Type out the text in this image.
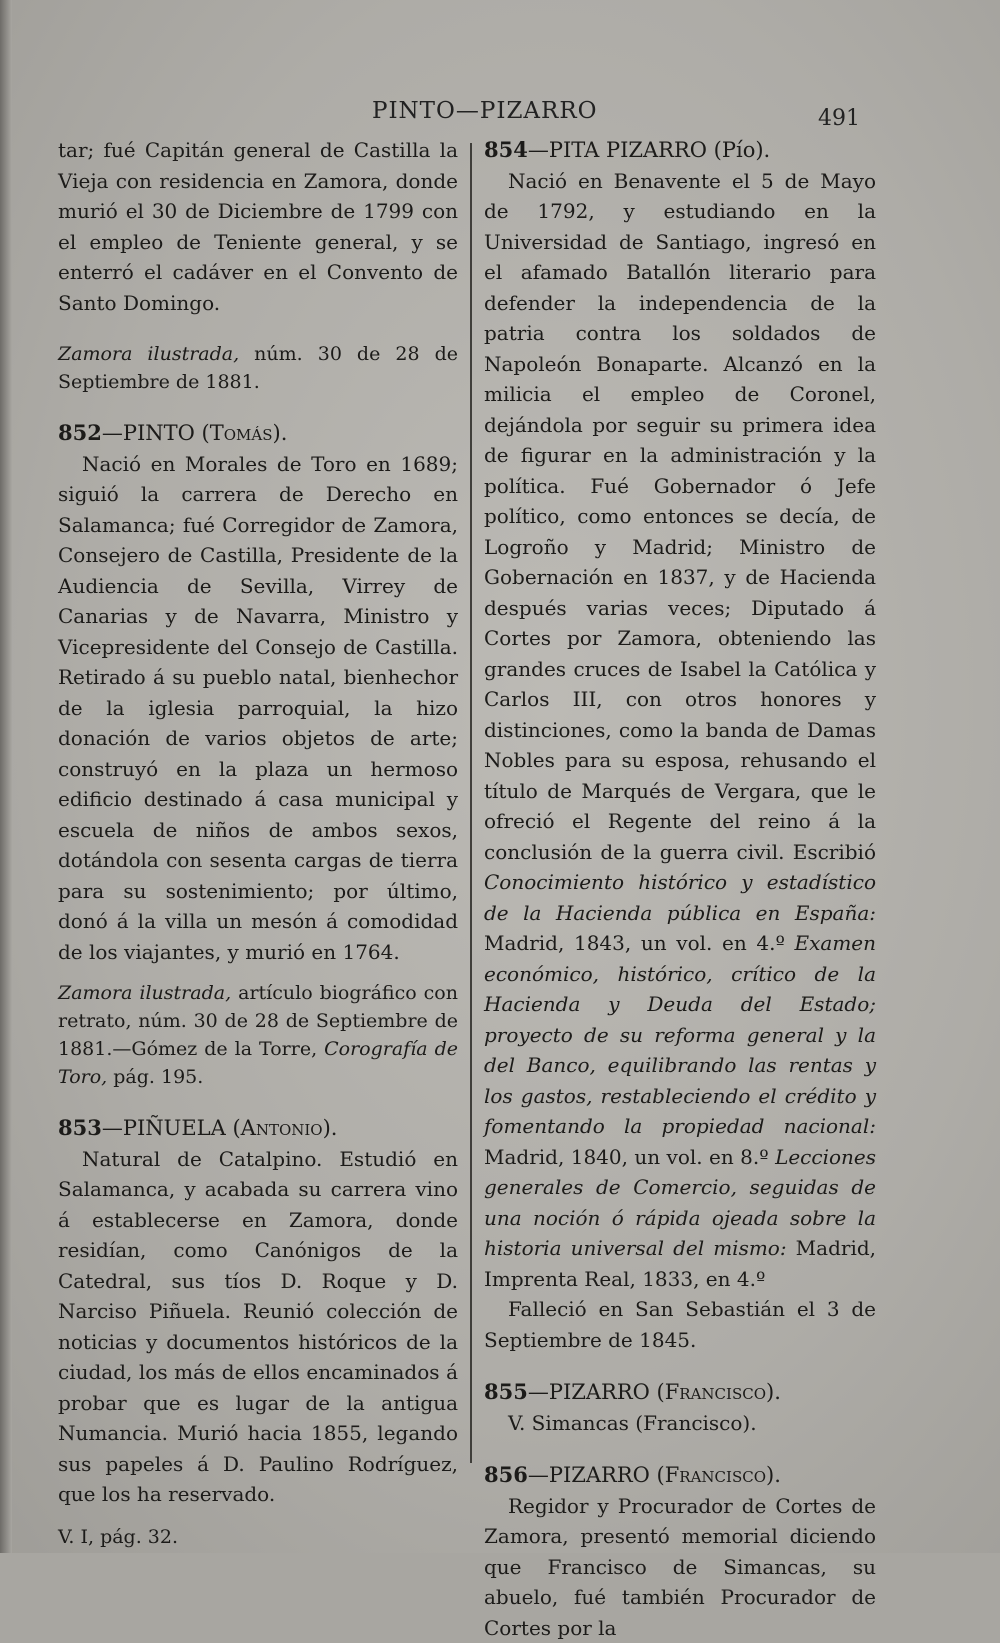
PINTO—PIZARRO	491

tar; fué Capitán general de Castilla la Vieja con residencia en Zamora, donde murió el 30 de Diciembre de 1799 con el empleo de Teniente general, y se enterró el cadáver en el Convento de Santo Domingo.

Zamora ilustrada, núm. 30 de 28 de Septiembre de 1881.

852—PINTO (Tomás).

Nació en Morales de Toro en 1689; siguió la carrera de Derecho en Salamanca; fué Corregidor de Zamora, Consejero de Castilla, Presidente de la Audiencia de Sevilla, Virrey de Canarias y de Navarra, Ministro y Vicepresidente del Consejo de Castilla. Retirado á su pueblo natal, bienhechor de la iglesia parroquial, la hizo donación de varios objetos de arte; construyó en la plaza un hermoso edificio destinado á casa municipal y escuela de niños de ambos sexos, dotándola con sesenta cargas de tierra para su sostenimiento; por último, donó á la villa un mesón á comodidad de los viajantes, y murió en 1764.

Zamora ilustrada, artículo biográfico con retrato, núm. 30 de 28 de Septiembre de 1881.—Gómez de la Torre, Corografía de Toro, pág. 195.

853—PIÑUELA (Antonio).

Natural de Catalpino. Estudió en Salamanca, y acabada su carrera vino á establecerse en Zamora, donde residían, como Canónigos de la Catedral, sus tíos D. Roque y D. Narciso Piñuela. Reunió colección de noticias y documentos históricos de la ciudad, los más de ellos encaminados á probar que es lugar de la antigua Numancia. Murió hacia 1855, legando sus papeles á D. Paulino Rodríguez, que los ha reservado.

V. I, pág. 32.

854—PITA PIZARRO (Pío).

Nació en Benavente el 5 de Mayo de 1792, y estudiando en la Universidad de Santiago, ingresó en el afamado Batallón literario para defender la independencia de la patria contra los soldados de Napoleón Bonaparte. Alcanzó en la milicia el empleo de Coronel, dejándola por seguir su primera idea de figurar en la administración y la política. Fué Gobernador ó Jefe político, como entonces se decía, de Logroño y Madrid; Ministro de Gobernación en 1837, y de Hacienda después varias veces; Diputado á Cortes por Zamora, obteniendo las grandes cruces de Isabel la Católica y Carlos III, con otros honores y distinciones, como la banda de Damas Nobles para su esposa, rehusando el título de Marqués de Vergara, que le ofreció el Regente del reino á la conclusión de la guerra civil. Escribió Conocimiento histórico y estadístico de la Hacienda pública en España: Madrid, 1843, un vol. en 4.º Examen económico, histórico, crítico de la Hacienda y Deuda del Estado; proyecto de su reforma general y la del Banco, equilibrando las rentas y los gastos, restableciendo el crédito y fomentando la propiedad nacional: Madrid, 1840, un vol. en 8.º Lecciones generales de Comercio, seguidas de una noción ó rápida ojeada sobre la historia universal del mismo: Madrid, Imprenta Real, 1833, en 4.º

Falleció en San Sebastián el 3 de Septiembre de 1845.

855—PIZARRO (Francisco).

V. Simancas (Francisco).

856—PIZARRO (Francisco).

Regidor y Procurador de Cortes de Zamora, presentó memorial diciendo que Francisco de Simancas, su abuelo, fué también Procurador de Cortes por la
